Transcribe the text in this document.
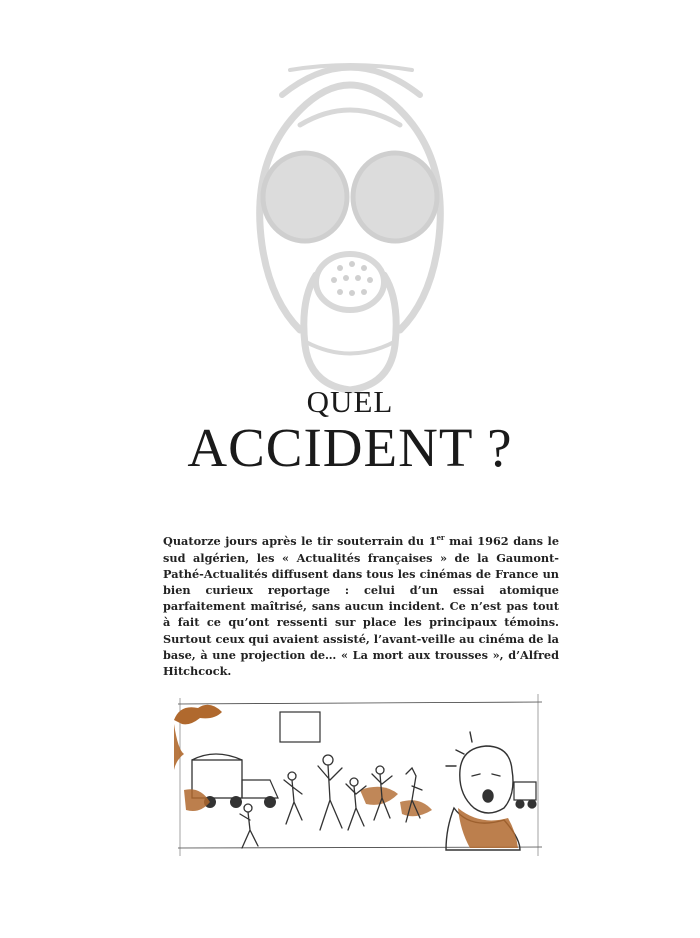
QUEL
ACCIDENT ?

Quatorze jours après le tir souterrain du 1er mai 1962 dans le sud algérien, les « Actualités françaises » de la Gaumont-Pathé-Actualités diffusent dans tous les cinémas de France un bien curieux reportage : celui d’un essai atomique parfaitement maîtrisé, sans aucun incident. Ce n’est pas tout à fait ce qu’ont ressenti sur place les principaux témoins. Surtout ceux qui avaient assisté, l’avant-veille au cinéma de la base, à une projection de… « La mort aux trousses », d’Alfred Hitchcock.
